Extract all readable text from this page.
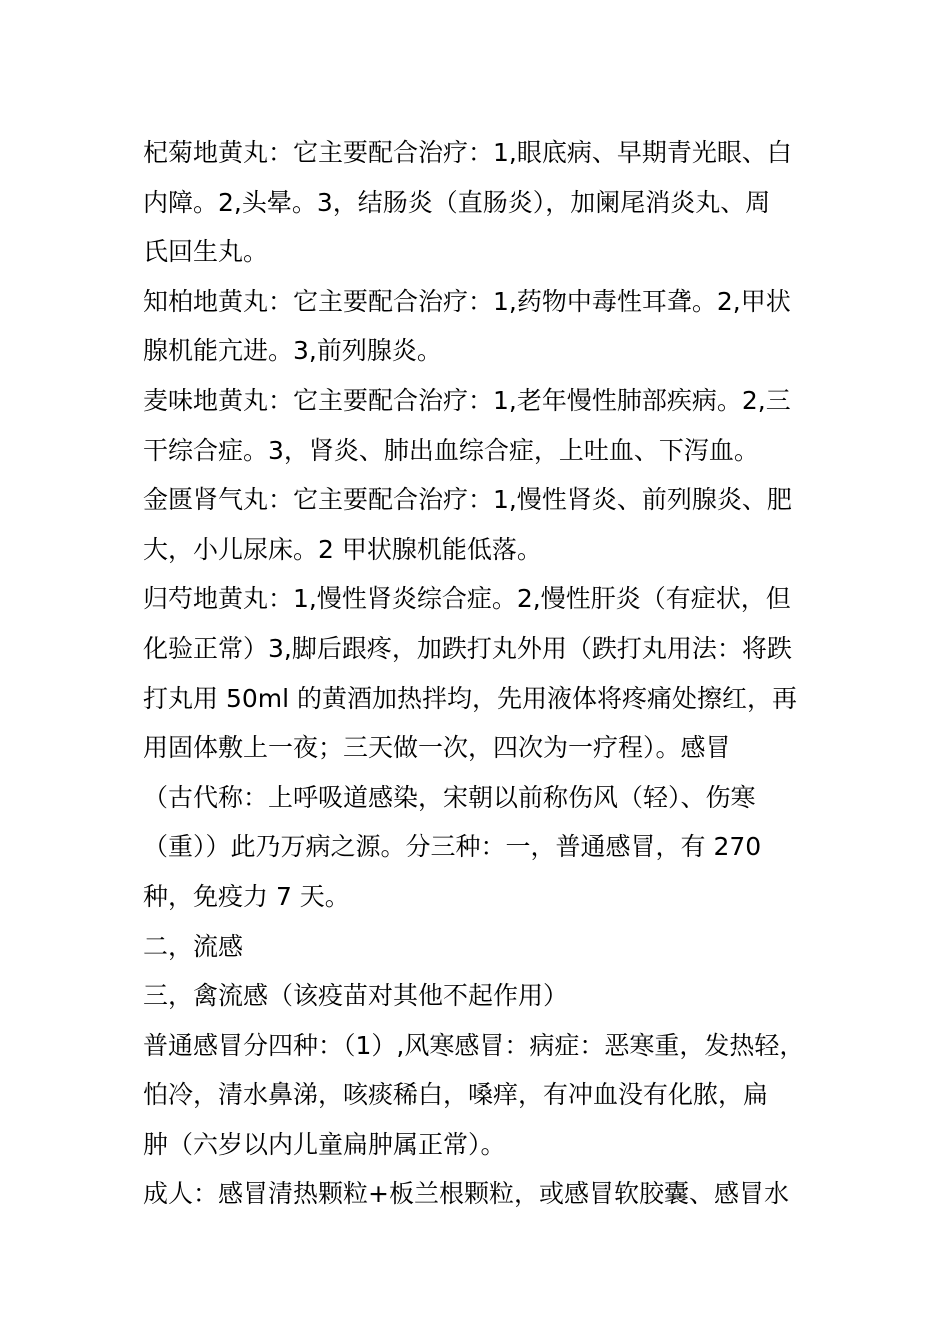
杞菊地黄丸：它主要配合治疗：1,眼底病、早期青光眼、白
内障。2,头晕。3，结肠炎（直肠炎），加阑尾消炎丸、周
氏回生丸。
知柏地黄丸：它主要配合治疗：1,药物中毒性耳聋。2,甲状
腺机能亢进。3,前列腺炎。
麦味地黄丸：它主要配合治疗：1,老年慢性肺部疾病。2,三
干综合症。3，肾炎、肺出血综合症，上吐血、下泻血。
金匮肾气丸：它主要配合治疗：1,慢性肾炎、前列腺炎、肥
大，小儿尿床。2 甲状腺机能低落。
归芍地黄丸：1,慢性肾炎综合症。2,慢性肝炎（有症状，但
化验正常）3,脚后跟疼，加跌打丸外用（跌打丸用法：将跌
打丸用 50ml 的黄酒加热拌均，先用液体将疼痛处擦红，再
用固体敷上一夜；三天做一次，四次为一疗程）。感冒
（古代称：上呼吸道感染，宋朝以前称伤风（轻）、伤寒
（重））此乃万病之源。分三种：一，普通感冒，有 270
种，免疫力 7 天。
二，流感
三，禽流感（该疫苗对其他不起作用）
普通感冒分四种：（1）,风寒感冒：病症：恶寒重，发热轻，
怕冷，清水鼻涕，咳痰稀白，嗓痒，有冲血没有化脓，扁
肿（六岁以内儿童扁肿属正常）。
成人：感冒清热颗粒+板兰根颗粒，或感冒软胶囊、感冒水
